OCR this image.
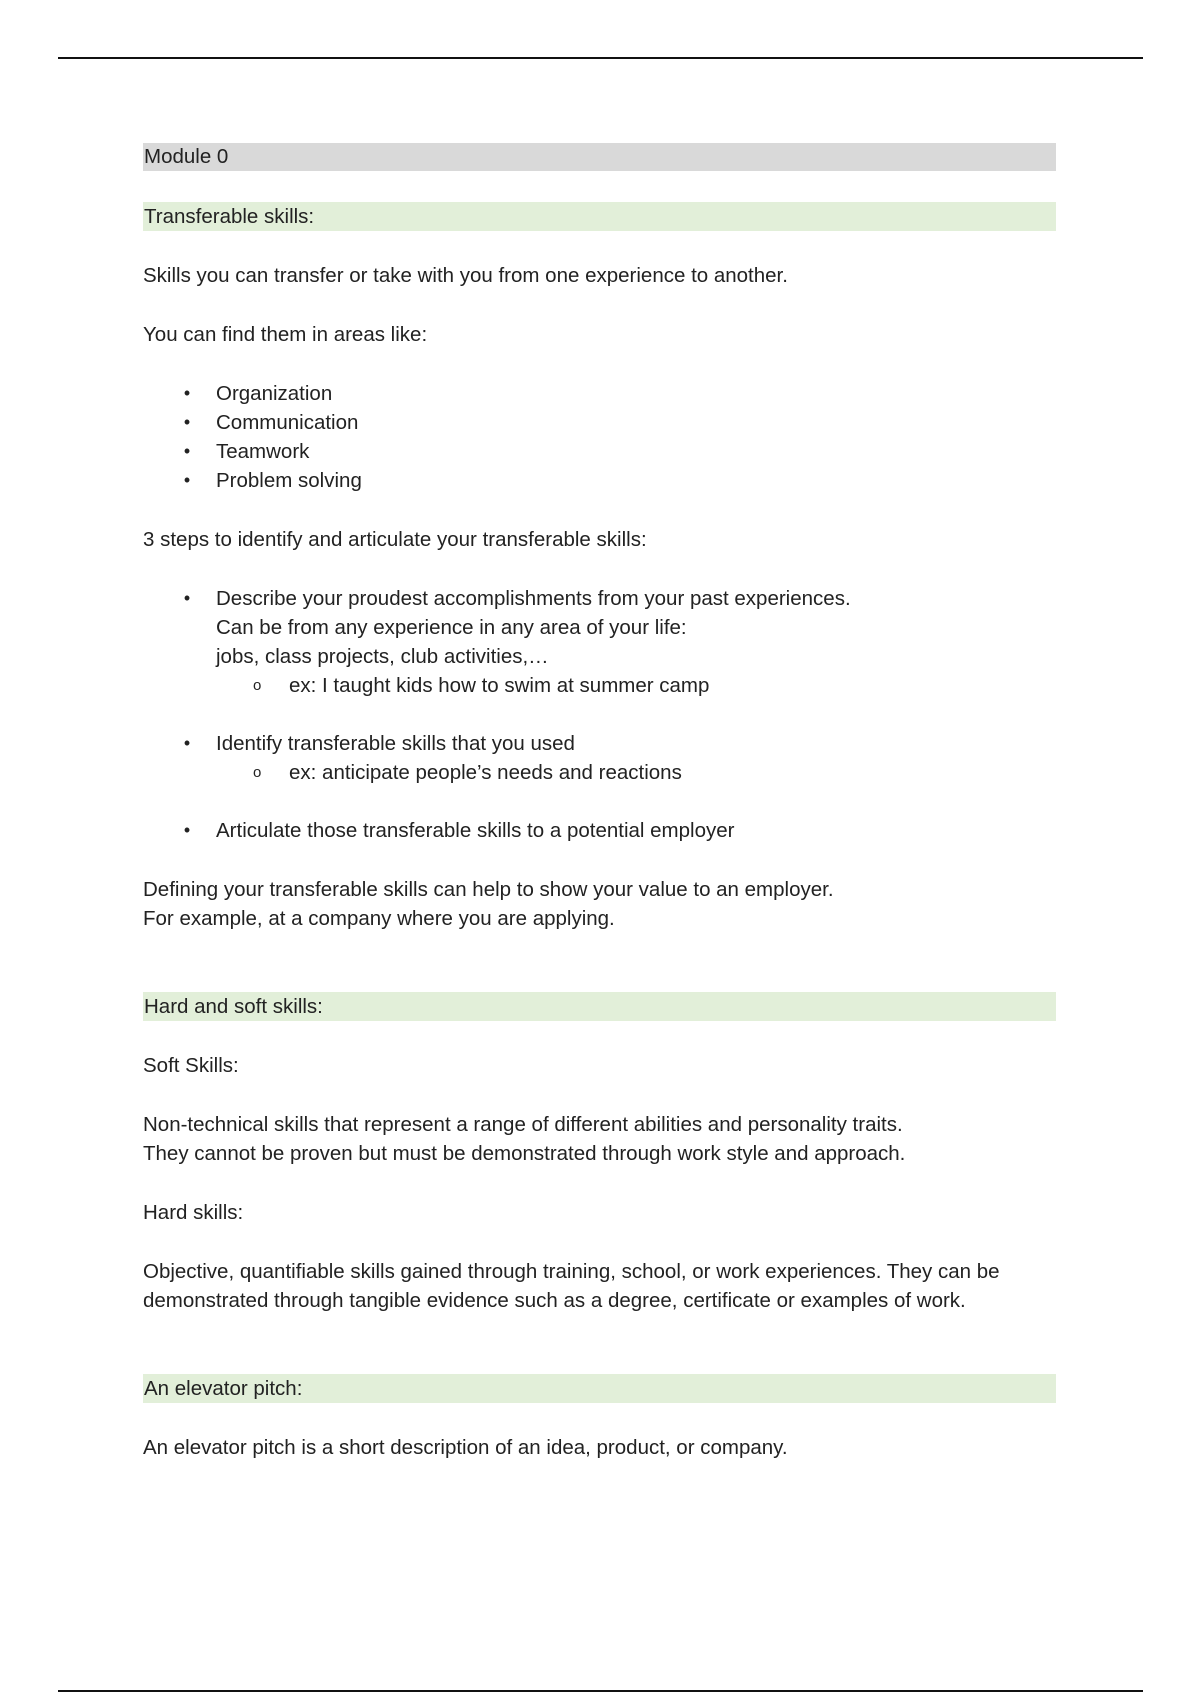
Module 0
Transferable skills:

Skills you can transfer or take with you from one experience to another.

You can find them in areas like:

• Organization
• Communication
• Teamwork
• Problem solving

3 steps to identify and articulate your transferable skills:

• Describe your proudest accomplishments from your past experiences.
Can be from any experience in any area of your life:
jobs, class projects, club activities,…
o ex: I taught kids how to swim at summer camp
• Identify transferable skills that you used
o ex: anticipate people’s needs and reactions
• Articulate those transferable skills to a potential employer

Defining your transferable skills can help to show your value to an employer.

For example, at a company where you are applying.

Hard and soft skills:

Soft Skills:

Non-technical skills that represent a range of different abilities and personality traits.

They cannot be proven but must be demonstrated through work style and approach.

Hard skills:

Objective, quantifiable skills gained through training, school, or work experiences. They can be demonstrated through tangible evidence such as a degree, certificate or examples of work.

An elevator pitch:

An elevator pitch is a short description of an idea, product, or company.
